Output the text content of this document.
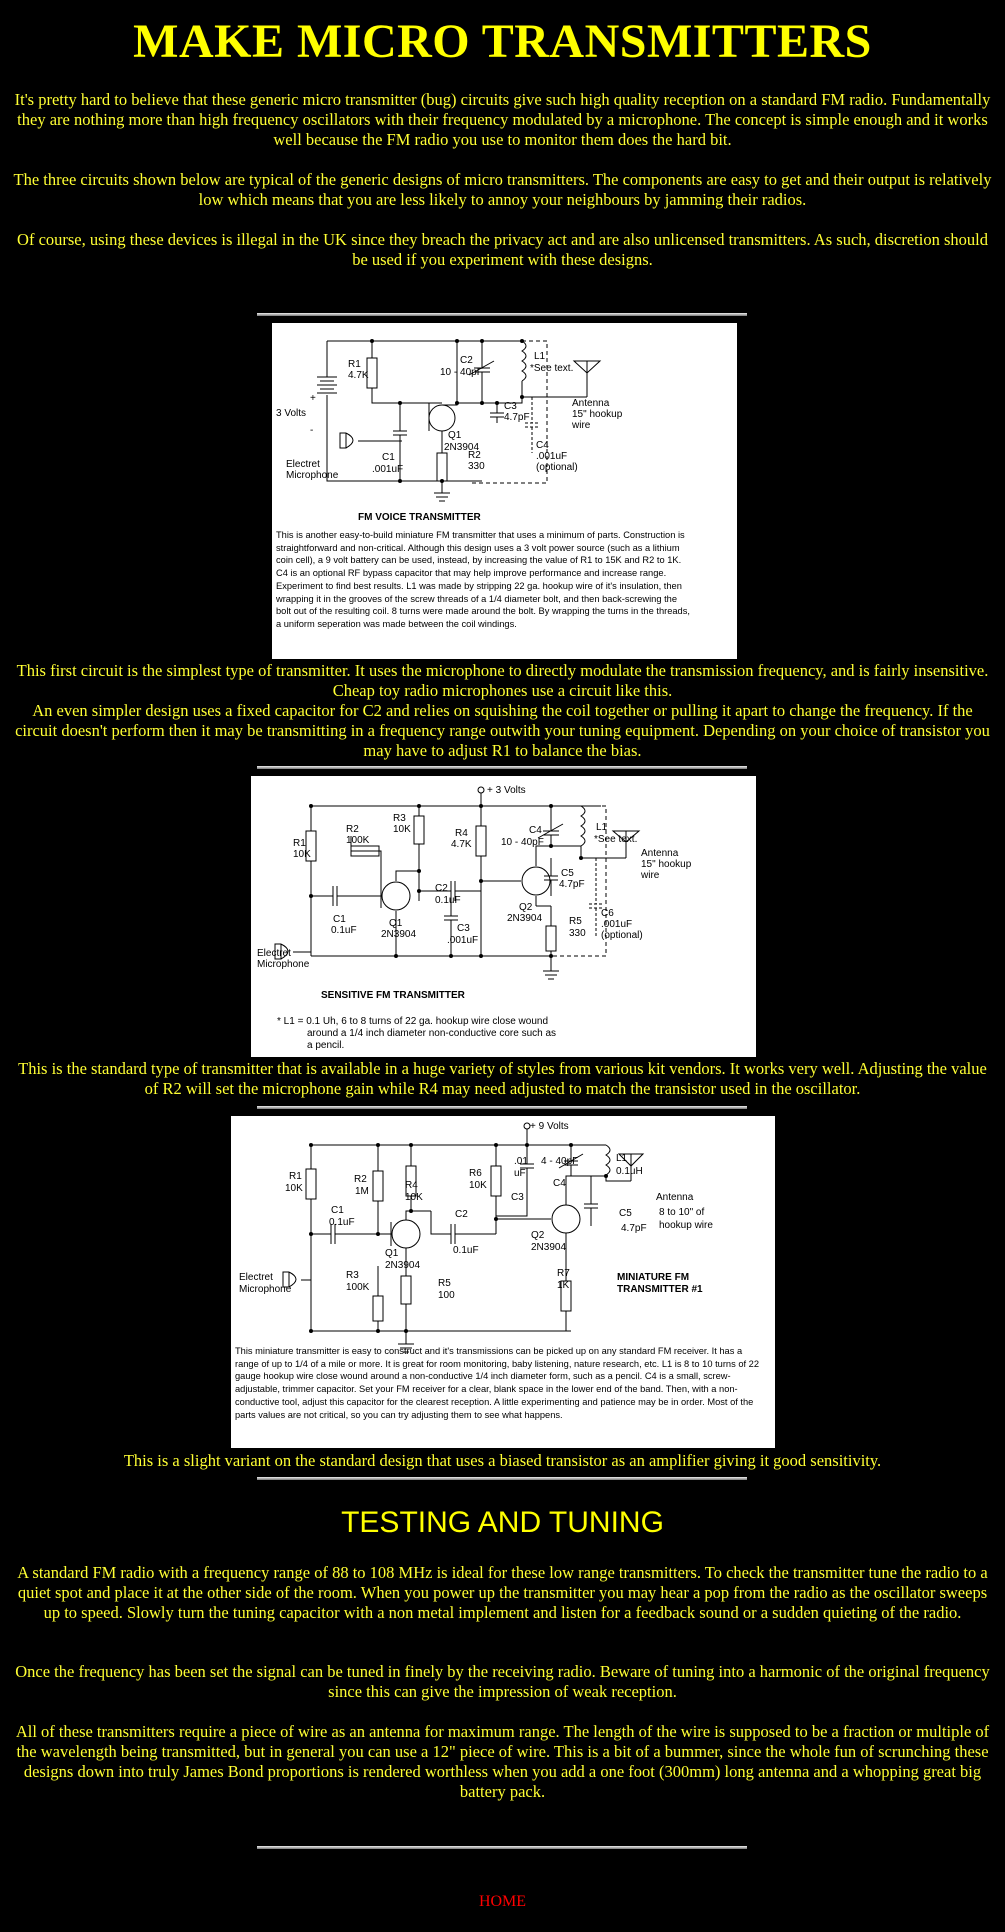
MAKE MICRO TRANSMITTERS

It's pretty hard to believe that these generic micro transmitter (bug) circuits give such high quality reception on a standard FM radio. Fundamentally they are nothing more than high frequency oscillators with their frequency modulated by a microphone. The concept is simple enough and it works well because the FM radio you use to monitor them does the hard bit.

The three circuits shown below are typical of the generic designs of micro transmitters. The components are easy to get and their output is relatively low which means that you are less likely to annoy your neighbours by jamming their radios.

Of course, using these devices is illegal in the UK since they breach the privacy act and are also unlicensed transmitters. As such, discretion should be used if you experiment with these designs.

R1
4.7K
C2
10 - 40pF
L1
*See text.
Antenna
15" hookup
wire
C3
4.7pF
3 Volts
+
-	Q1
2N3904
Electret
Microphone
C1
.001uF
R2
330
C4
.001uF
(optional)
FM VOICE TRANSMITTER
This is another easy-to-build miniature FM transmitter that uses a minimum of parts. Construction is straightforward and non-critical. Although this design uses a 3 volt power source (such as a lithium coin cell), a 9 volt battery can be used, instead, by increasing the value of R1 to 15K and R2 to 1K. C4 is an optional RF bypass capacitor that may help improve performance and increase range. Experiment to find best results. L1 was made by stripping 22 ga. hookup wire of it's insulation, then wrapping it in the grooves of the screw threads of a 1/4 diameter bolt, and then back-screwing the bolt out of the resulting coil. 8 turns were made around the bolt. By wrapping the turns in the threads, a uniform seperation was made between the coil windings.

This first circuit is the simplest type of transmitter. It uses the microphone to directly modulate the transmission frequency, and is fairly insensitive. Cheap toy radio microphones use a circuit like this.

An even simpler design uses a fixed capacitor for C2 and relies on squishing the coil together or pulling it apart to change the frequency. If the circuit doesn't perform then it may be transmitting in a frequency range outwith your tuning equipment. Depending on your choice of transistor you may have to adjust R1 to balance the bias.

+ 3 Volts
R1
10K
R2
100K
R3
10K	R4
4.7K
C4
10 - 40pF
L1
*See text.
Antenna
15" hookup
wire
C5
4.7pF
C2
0.1uF
C1
0.1uF
Q1
2N3904
Q2
2N3904
C3
.001uF
R5
330
C6
.001uF
(optional)
Electret
Microphone
SENSITIVE FM TRANSMITTER
* L1 = 0.1 Uh, 6 to 8 turns of 22 ga. hookup wire close wound
around a 1/4 inch diameter non-conductive core such as
a pencil.

This is the standard type of transmitter that is available in a huge variety of styles from various kit vendors. It works very well. Adjusting the value of R2 will set the microphone gain while R4 may need adjusted to match the transistor used in the oscillator.

+ 9 Volts
R1
10K
R2
1M
R4
10K
R6
10K
.01
uF
C3
4 - 40pF
C4
L1
0.1uH
Antenna
8 to 10" of
hookup wire
C1
0.1uF
C2
0.1uF
Q1
2N3904
Q2
2N3904
C5
4.7pF
R3
100K	R5
100
R7
1K
Electret
Microphone
MINIATURE FM
TRANSMITTER #1
This miniature transmitter is easy to construct and it's transmissions can be picked up on any standard FM receiver. It has a range of up to 1/4 of a mile or more. It is great for room monitoring, baby listening, nature research, etc. L1 is 8 to 10 turns of 22 gauge hookup wire close wound around a non-conductive 1/4 inch diameter form, such as a pencil. C4 is a small, screw-adjustable, trimmer capacitor. Set your FM receiver for a clear, blank space in the lower end of the band. Then, with a non-conductive tool, adjust this capacitor for the clearest reception. A little experimenting and patience may be in order. Most of the parts values are not critical, so you can try adjusting them to see what happens.

This is a slight variant on the standard design that uses a biased transistor as an amplifier giving it good sensitivity.

TESTING AND TUNING

A standard FM radio with a frequency range of 88 to 108 MHz is ideal for these low range transmitters. To check the transmitter tune the radio to a quiet spot and place it at the other side of the room. When you power up the transmitter you may hear a pop from the radio as the oscillator sweeps up to speed. Slowly turn the tuning capacitor with a non metal implement and listen for a feedback sound or a sudden quieting of the radio.

Once the frequency has been set the signal can be tuned in finely by the receiving radio. Beware of tuning into a harmonic of the original frequency since this can give the impression of weak reception.

All of these transmitters require a piece of wire as an antenna for maximum range. The length of the wire is supposed to be a fraction or multiple of the wavelength being transmitted, but in general you can use a 12" piece of wire. This is a bit of a bummer, since the whole fun of scrunching these designs down into truly James Bond proportions is rendered worthless when you add a one foot (300mm) long antenna and a whopping great big battery pack.

HOME
